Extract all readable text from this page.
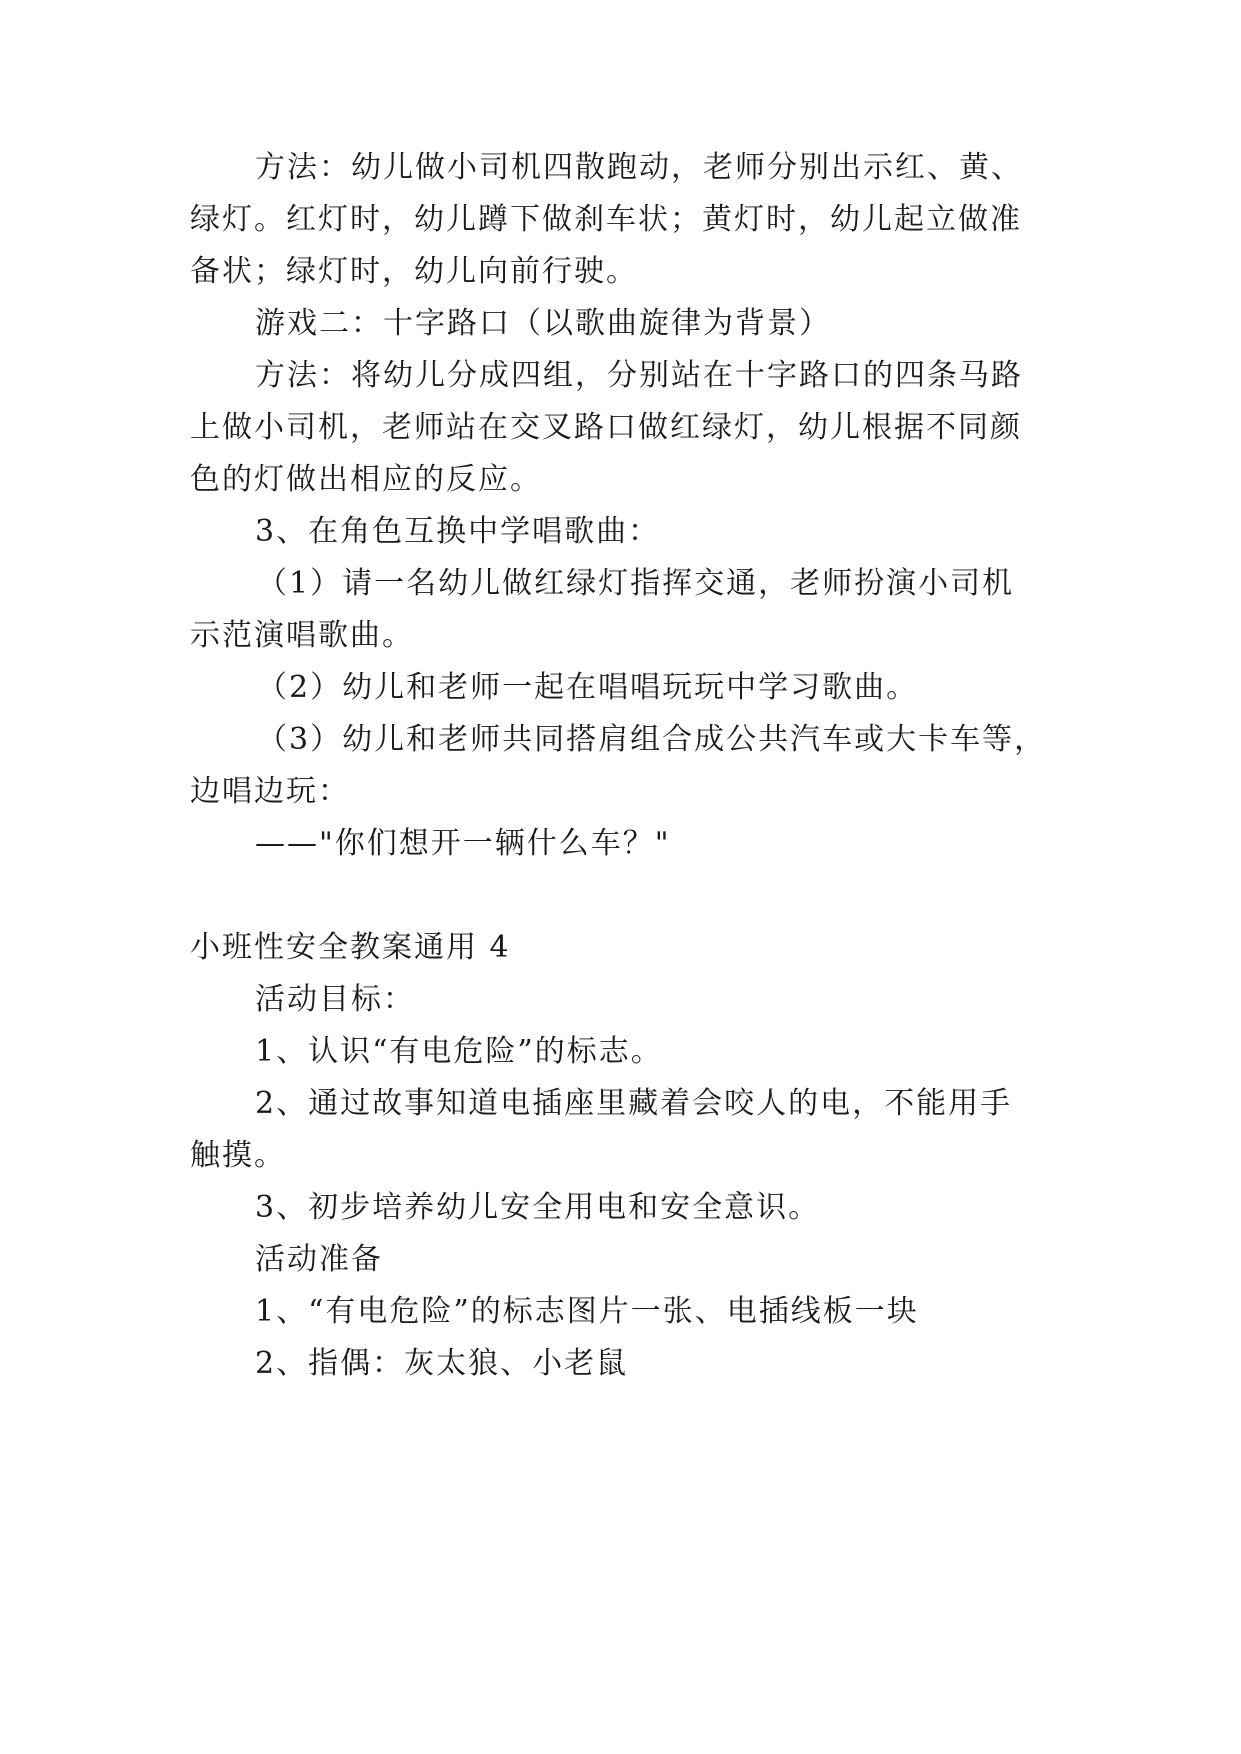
方法：幼儿做小司机四散跑动，老师分别出示红、黄、
绿灯。红灯时，幼儿蹲下做刹车状；黄灯时，幼儿起立做准
备状；绿灯时，幼儿向前行驶。
游戏二：十字路口（以歌曲旋律为背景）
方法：将幼儿分成四组，分别站在十字路口的四条马路
上做小司机，老师站在交叉路口做红绿灯，幼儿根据不同颜
色的灯做出相应的反应。
3、在角色互换中学唱歌曲：
（1）请一名幼儿做红绿灯指挥交通，老师扮演小司机
示范演唱歌曲。
（2）幼儿和老师一起在唱唱玩玩中学习歌曲。
（3）幼儿和老师共同搭肩组合成公共汽车或大卡车等，
边唱边玩：
——"你们想开一辆什么车？"
小班性安全教案通用 4
活动目标：
1、认识“有电危险”的标志。
2、通过故事知道电插座里藏着会咬人的电，不能用手
触摸。
3、初步培养幼儿安全用电和安全意识。
活动准备
1、“有电危险”的标志图片一张、电插线板一块
2、指偶：灰太狼、小老鼠
